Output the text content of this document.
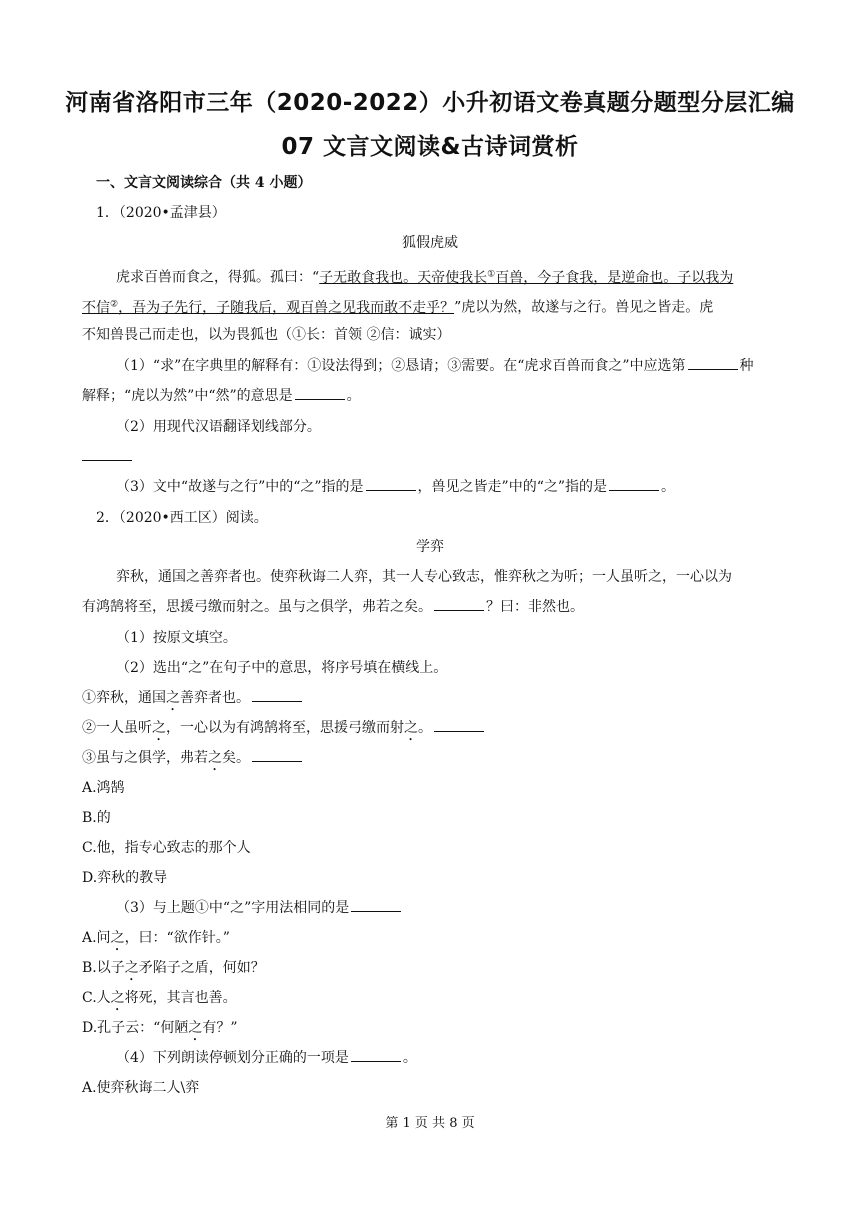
河南省洛阳市三年（2020-2022）小升初语文卷真题分题型分层汇编
07 文言文阅读&古诗词赏析
一、文言文阅读综合（共 4 小题）
1．（2020•孟津县）
狐假虎威
虎求百兽而食之，得狐。孤曰：“子无敢食我也。天帝使我长①百兽，今子食我，是逆命也。子以我为
不信②，吾为子先行，子随我后，观百兽之见我而敢不走乎？”虎以为然，故遂与之行。兽见之皆走。虎
不知兽畏己而走也，以为畏狐也（①长：首领 ②信：诚实）
（1）“求”在字典里的解释有：①设法得到；②恳请；③需要。在“虎求百兽而食之”中应选第	种
解释；“虎以为然”中“然”的意思是	。
（2）用现代汉语翻译划线部分。
（3）文中“故遂与之行”中的“之”指的是	，兽见之皆走”中的“之”指的是	。
2．（2020•西工区）阅读。
学弈
弈秋，通国之善弈者也。使弈秋诲二人弈，其一人专心致志，惟弈秋之为听；一人虽听之，一心以为
有鸿鹄将至，思援弓缴而射之。虽与之俱学，弗若之矣。	？曰：非然也。
（1）按原文填空。
（2）选出“之”在句子中的意思，将序号填在横线上。
①弈秋，通国之善弈者也。
②一人虽听之，一心以为有鸿鹄将至，思援弓缴而射之。
③虽与之俱学，弗若之矣。
A.鸿鹄
B.的
C.他，指专心致志的那个人
D.弈秋的教导
（3）与上题①中“之”字用法相同的是
A.问之，曰：“欲作针。”
B.以子之矛陷子之盾，何如？
C.人之将死，其言也善。
D.孔子云：“何陋之有？”
（4）下列朗读停顿划分正确的一项是	。
A.使弈秋诲二人\弈
第 1 页 共 8 页
